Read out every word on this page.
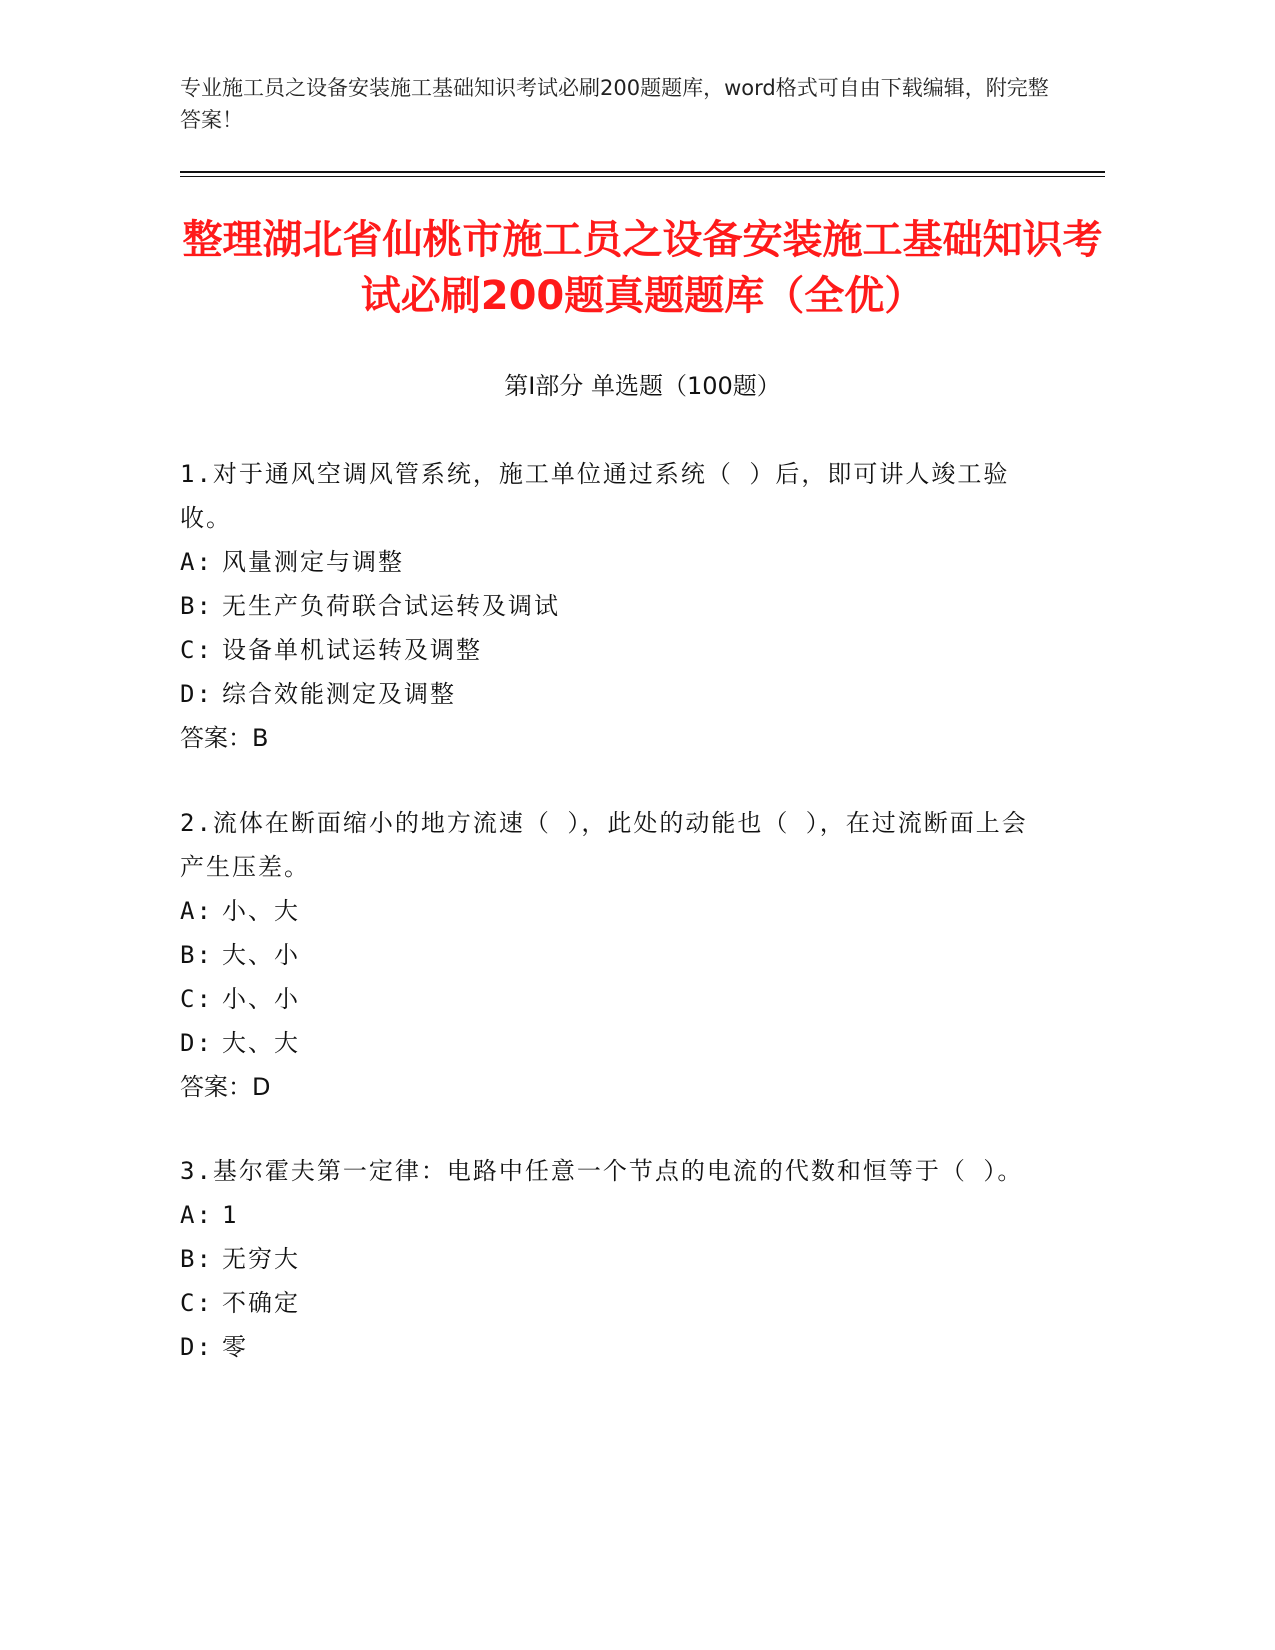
专业施工员之设备安装施工基础知识考试必刷200题题库，word格式可自由下载编辑，附完整答案！
整理湖北省仙桃市施工员之设备安装施工基础知识考试必刷200题真题题库（全优）
第Ⅰ部分 单选题（100题）
1.对于通风空调风管系统，施工单位通过系统（ ）后，即可讲人竣工验收。
A: 风量测定与调整
B: 无生产负荷联合试运转及调试
C: 设备单机试运转及调整
D: 综合效能测定及调整
答案：B
2.流体在断面缩小的地方流速（ ），此处的动能也（ ），在过流断面上会产生压差。
A: 小、大
B: 大、小
C: 小、小
D: 大、大
答案：D
3.基尔霍夫第一定律：电路中任意一个节点的电流的代数和恒等于（ ）。
A: 1
B: 无穷大
C: 不确定
D: 零
